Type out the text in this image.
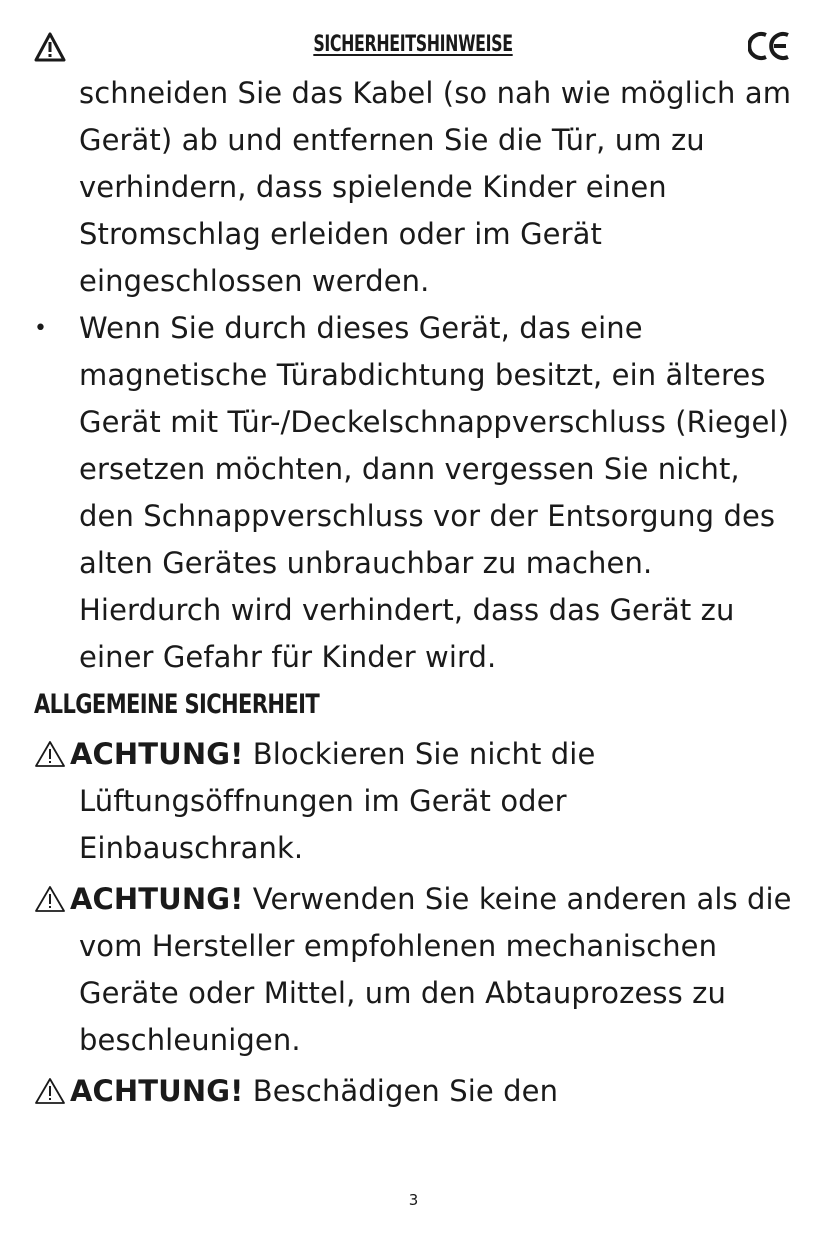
SICHERHEITSHINWEISE

schneiden Sie das Kabel (so nah wie möglich am Gerät) ab und entfernen Sie die Tür, um zu verhindern, dass spielende Kinder einen Stromschlag erleiden oder im Gerät eingeschlossen werden.

• Wenn Sie durch dieses Gerät, das eine magnetische Türabdichtung besitzt, ein älteres Gerät mit Tür-/Deckelschnappverschluss (Riegel) ersetzen möchten, dann vergessen Sie nicht, den Schnappverschluss vor der Entsorgung des alten Gerätes unbrauchbar zu machen. Hierdurch wird verhindert, dass das Gerät zu einer Gefahr für Kinder wird.
ALLGEMEINE SICHERHEIT
ACHTUNG! Blockieren Sie nicht die Lüftungsöffnungen im Gerät oder Einbauschrank.
ACHTUNG! Verwenden Sie keine anderen als die vom Hersteller empfohlenen mechanischen Geräte oder Mittel, um den Abtauprozess zu beschleunigen.
ACHTUNG! Beschädigen Sie den
3
